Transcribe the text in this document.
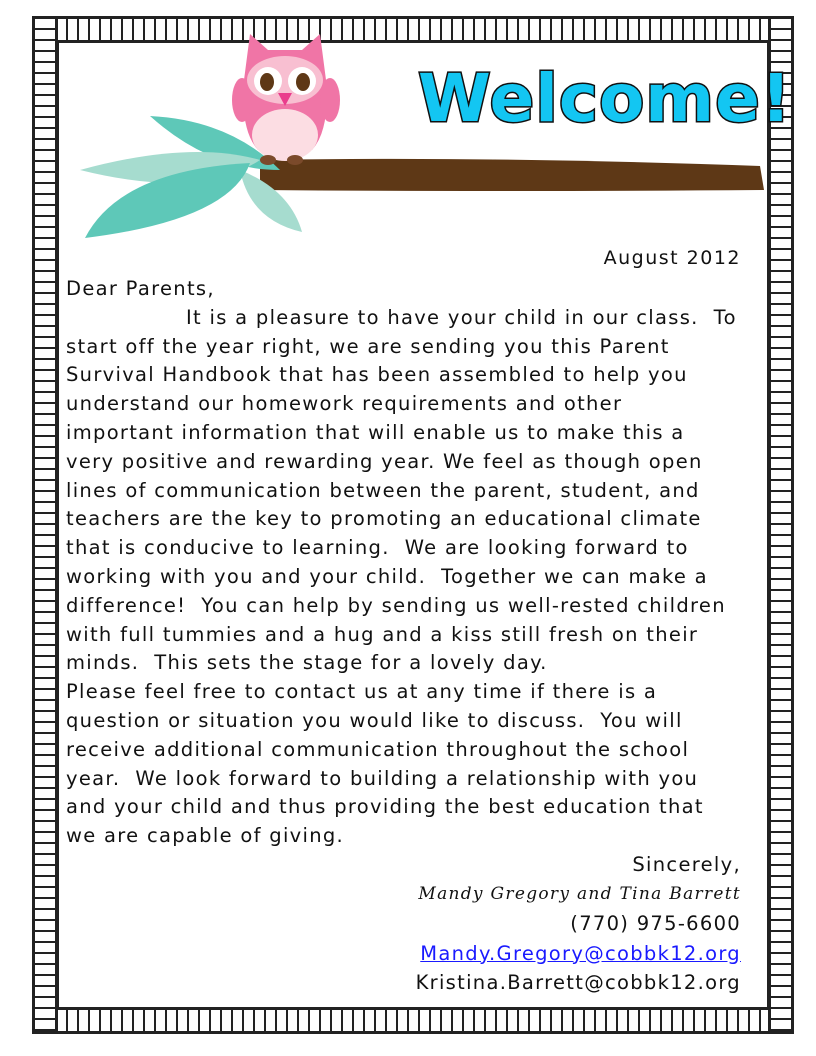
Welcome!
August 2012
Dear Parents,
It is a pleasure to have your child in our class.  To
start off the year right, we are sending you this Parent
Survival Handbook that has been assembled to help you
understand our homework requirements and other
important information that will enable us to make this a
very positive and rewarding year. We feel as though open
lines of communication between the parent, student, and
teachers are the key to promoting an educational climate
that is conducive to learning.  We are looking forward to
working with you and your child.  Together we can make a
difference!  You can help by sending us well-rested children
with full tummies and a hug and a kiss still fresh on their
minds.  This sets the stage for a lovely day.
Please feel free to contact us at any time if there is a
question or situation you would like to discuss.  You will
receive additional communication throughout the school
year.  We look forward to building a relationship with you
and your child and thus providing the best education that
we are capable of giving.
Sincerely,
Mandy Gregory and Tina Barrett
(770) 975-6600
Mandy.Gregory@cobbk12.org
Kristina.Barrett@cobbk12.org
